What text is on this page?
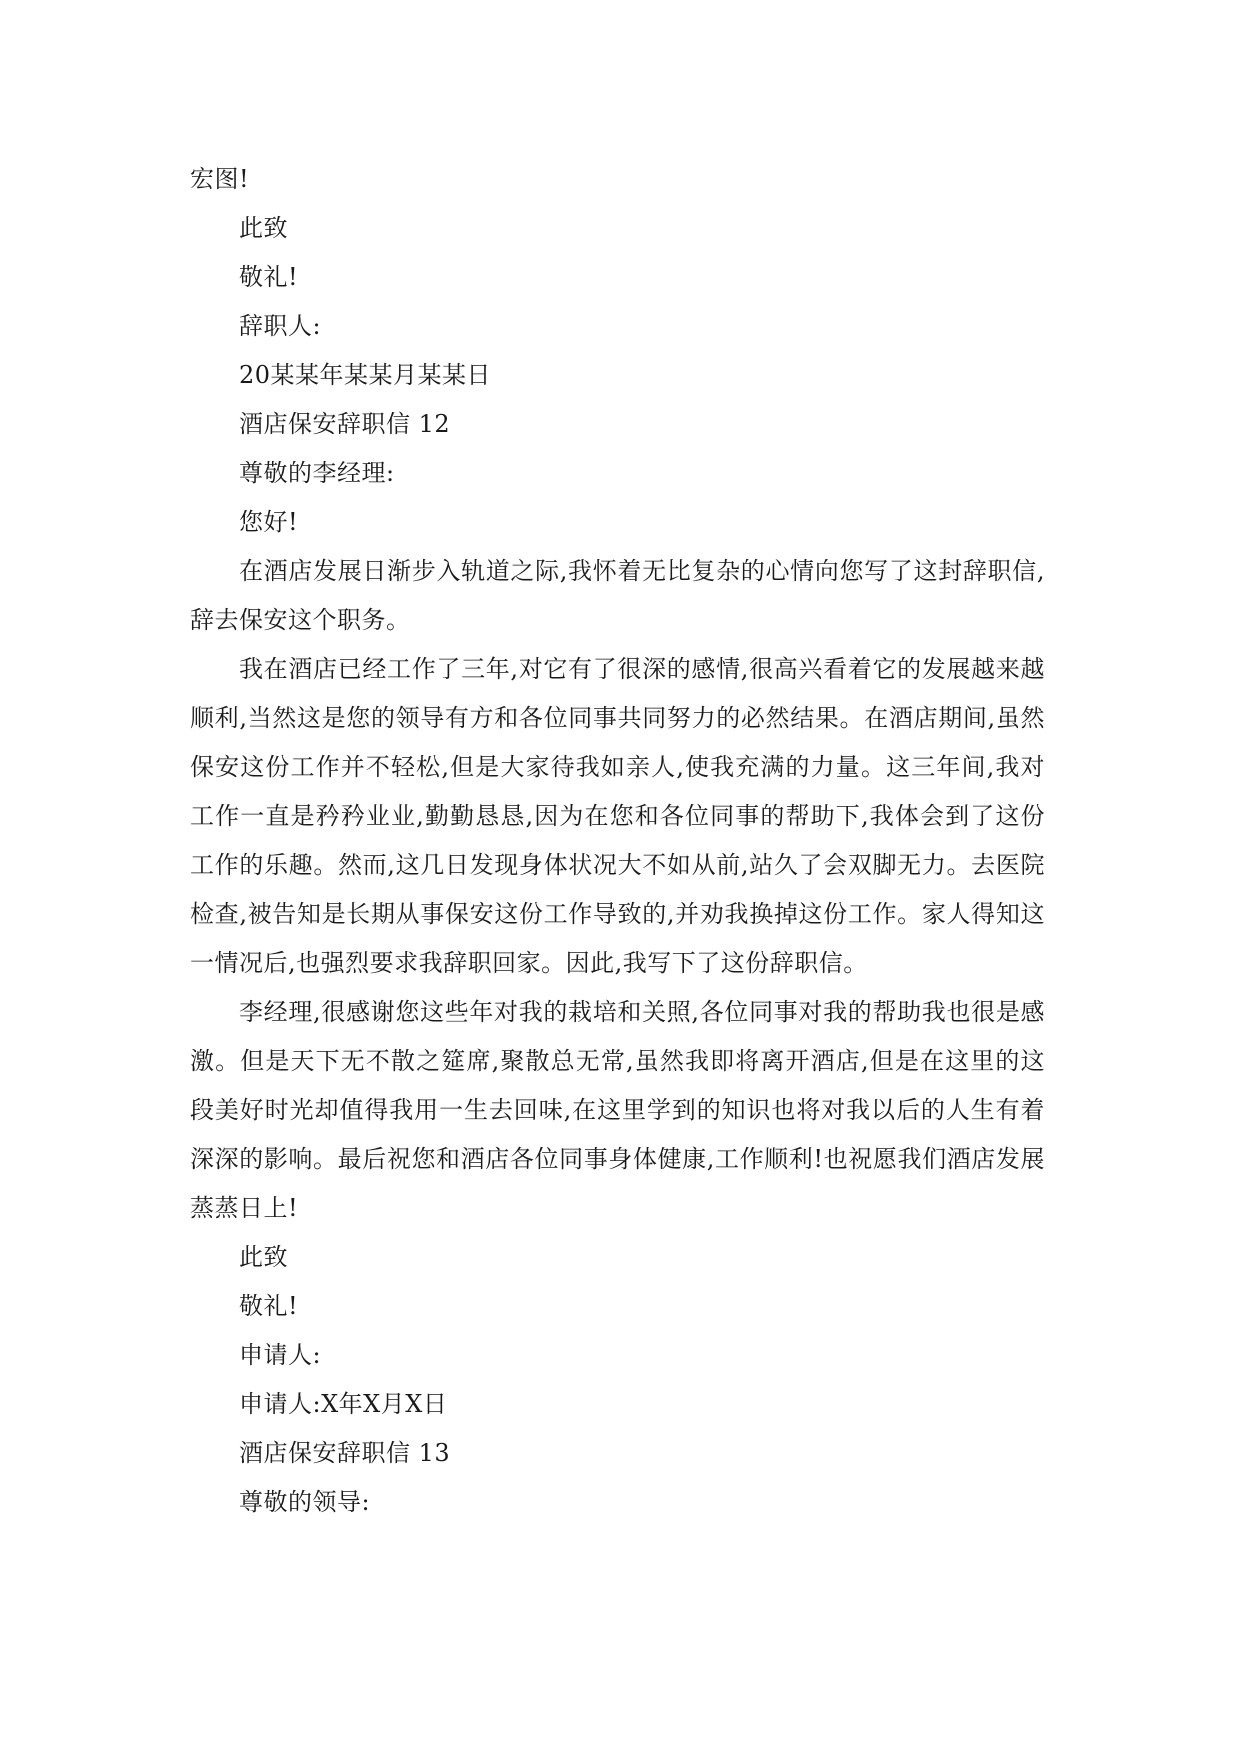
宏图!
此致
敬礼!
辞职人:
20某某年某某月某某日
酒店保安辞职信 12
尊敬的李经理:
您好!
在酒店发展日渐步入轨道之际,我怀着无比复杂的心情向您写了这封辞职信,辞去保安这个职务。
我在酒店已经工作了三年,对它有了很深的感情,很高兴看着它的发展越来越顺利,当然这是您的领导有方和各位同事共同努力的必然结果。在酒店期间,虽然保安这份工作并不轻松,但是大家待我如亲人,使我充满的力量。这三年间,我对工作一直是矜矜业业,勤勤恳恳,因为在您和各位同事的帮助下,我体会到了这份工作的乐趣。然而,这几日发现身体状况大不如从前,站久了会双脚无力。去医院检查,被告知是长期从事保安这份工作导致的,并劝我换掉这份工作。家人得知这一情况后,也强烈要求我辞职回家。因此,我写下了这份辞职信。
李经理,很感谢您这些年对我的栽培和关照,各位同事对我的帮助我也很是感激。但是天下无不散之筵席,聚散总无常,虽然我即将离开酒店,但是在这里的这段美好时光却值得我用一生去回味,在这里学到的知识也将对我以后的人生有着深深的影响。最后祝您和酒店各位同事身体健康,工作顺利!也祝愿我们酒店发展蒸蒸日上!
此致
敬礼!
申请人:
申请人:X年X月X日
酒店保安辞职信 13
尊敬的领导:
